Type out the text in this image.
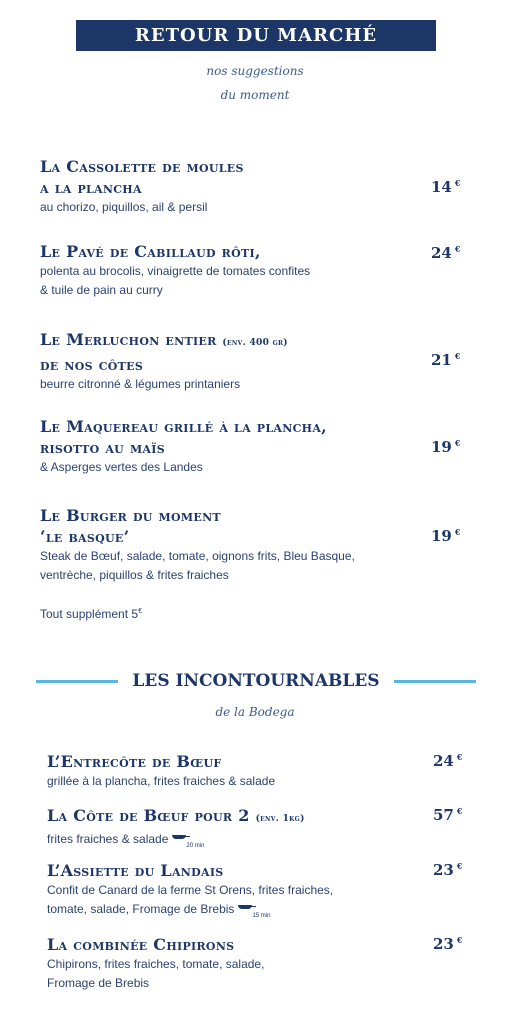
RETOUR DU MARCHÉ
nos suggestions
du moment
La Cassolette de moules
a la plancha
au chorizo, piquillos, ail & persil
14 €
Le Pavé de Cabillaud rôti,
polenta au brocolis, vinaigrette de tomates confites
& tuile de pain au curry
24 €
Le Merluchon entier (env. 400 gr)
de nos côtes
beurre citronné & légumes printaniers
21 €
Le Maquereau grillé à la plancha,
risotto au maïs
& Asperges vertes des Landes
19 €
Le Burger du moment
‘le basque’
Steak de Bœuf, salade, tomate, oignons frits, Bleu Basque,
ventrèche, piquillos & frites fraiches
19 €
Tout supplément 5€
LES INCONTOURNABLES
de la Bodega
L’Entrecôte de Bœuf
grillée à la plancha, frites fraiches & salade
24 €
La Côte de Bœuf pour 2 (env. 1kg)
frites fraiches & salade	20 min
57 €
L’Assiette du Landais
Confit de Canard de la ferme St Orens, frites fraiches,
tomate, salade, Fromage de Brebis	15 min
23 €
La combinée Chipirons
Chipirons, frites fraiches, tomate, salade,
Fromage de Brebis
23 €
